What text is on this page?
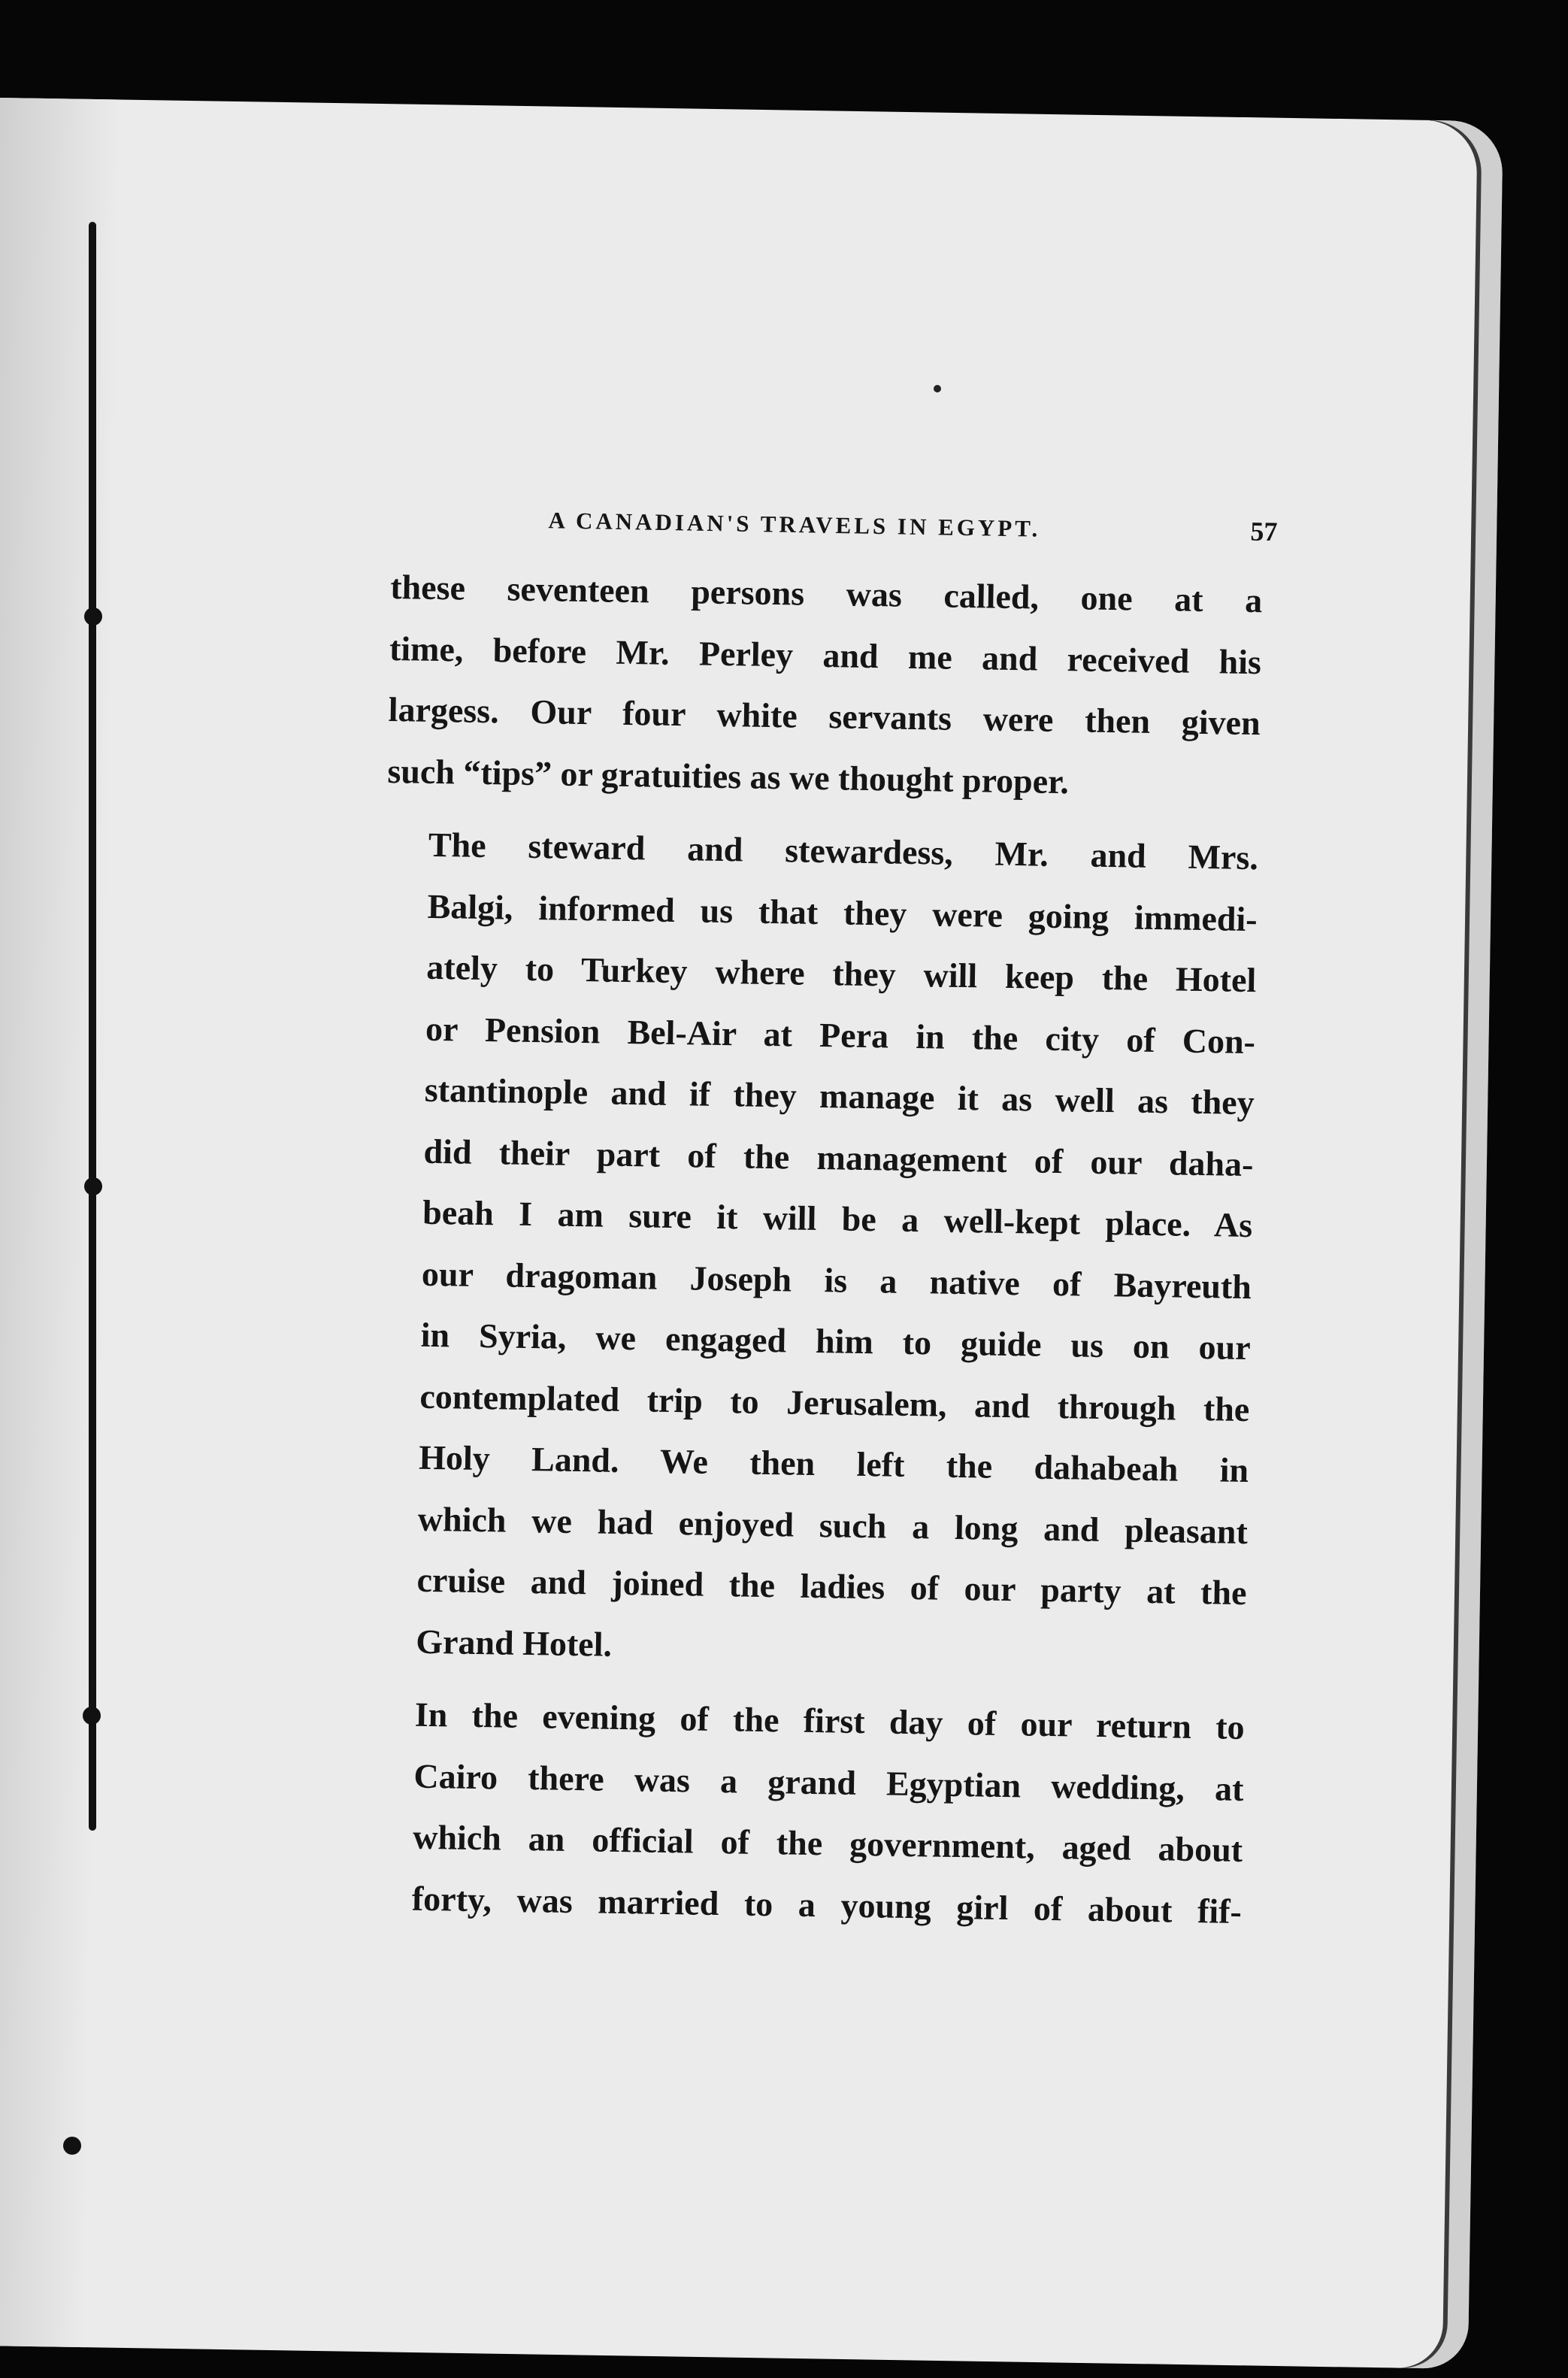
A CANADIAN'S TRAVELS IN EGYPT.	57

these seventeen persons was called, one at a
time, before Mr. Perley and me and received his
largess. Our four white servants were then given
such “tips” or gratuities as we thought proper.

The steward and stewardess, Mr. and Mrs.
Balgi, informed us that they were going immedi-
ately to Turkey where they will keep the Hotel
or Pension Bel-Air at Pera in the city of Con-
stantinople and if they manage it as well as they
did their part of the management of our daha-
beah I am sure it will be a well-kept place. As
our dragoman Joseph is a native of Bayreuth
in Syria, we engaged him to guide us on our
contemplated trip to Jerusalem, and through the
Holy Land. We then left the dahabeah in
which we had enjoyed such a long and pleasant
cruise and joined the ladies of our party at the
Grand Hotel.

In the evening of the first day of our return to
Cairo there was a grand Egyptian wedding, at
which an official of the government, aged about
forty, was married to a young girl of about fif-
